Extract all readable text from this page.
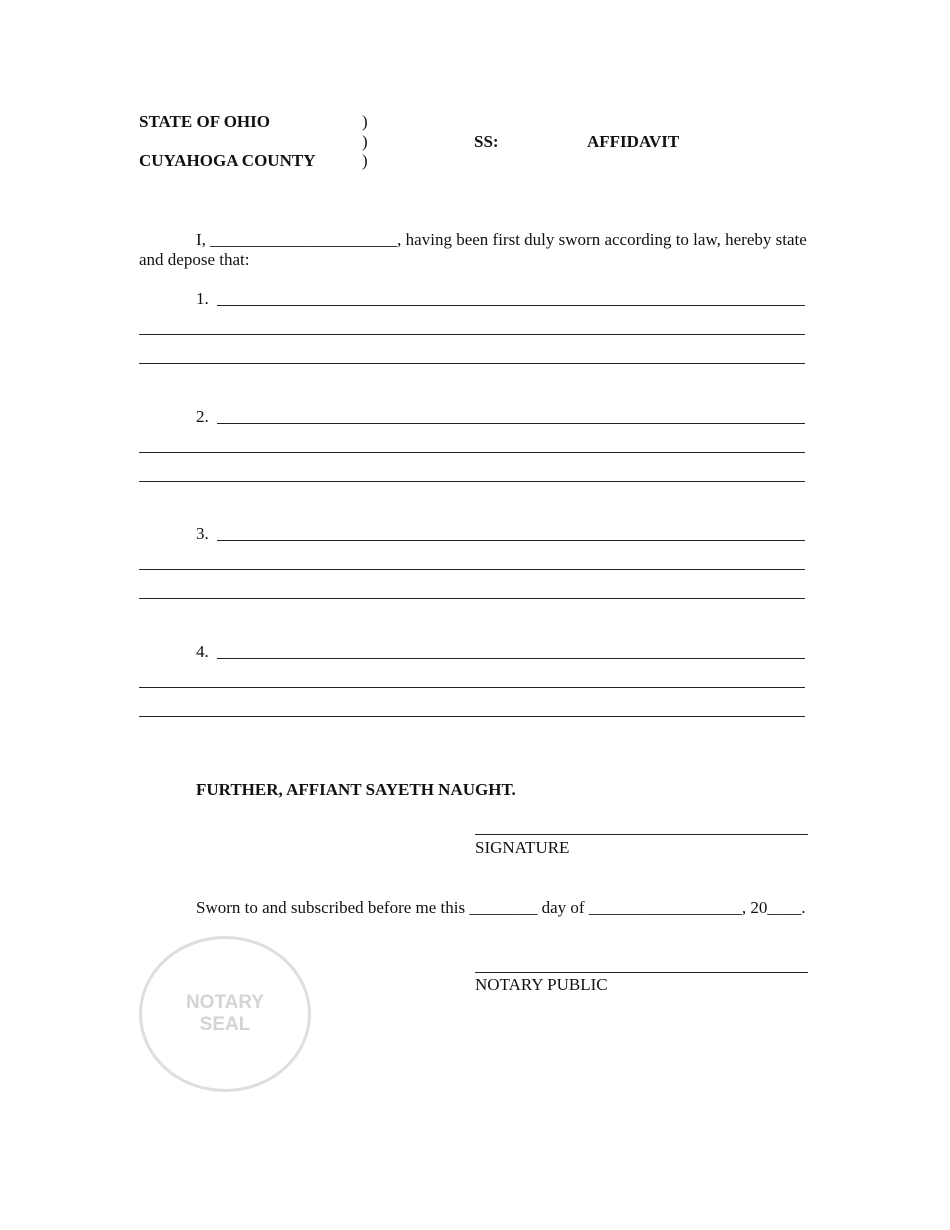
STATE OF OHIO
CUYAHOGA COUNTY
)
)
)
SS:	AFFIDAVIT
I, ______________________, having been first duly sworn according to law, hereby state
and depose that:
1.
2.
3.
4.
FURTHER, AFFIANT SAYETH NAUGHT.
SIGNATURE
Sworn to and subscribed before me this ________ day of __________________, 20____.
NOTARY
SEAL
NOTARY PUBLIC
